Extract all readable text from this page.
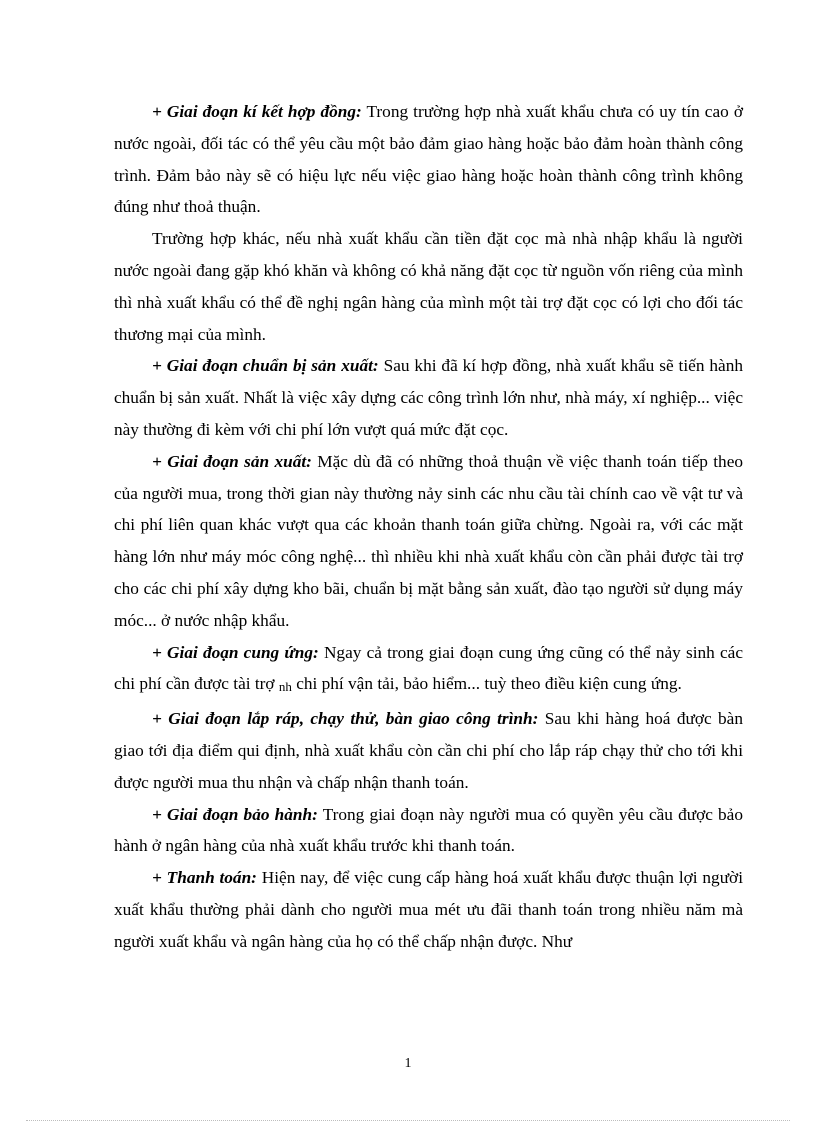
+ Giai đoạn kí kết hợp đồng: Trong trường hợp nhà xuất khẩu chưa có uy tín cao ở nước ngoài, đối tác có thể yêu cầu một bảo đảm giao hàng hoặc bảo đảm hoàn thành công trình. Đảm bảo này sẽ có hiệu lực nếu việc giao hàng hoặc hoàn thành công trình không đúng như thoả thuận.

Trường hợp khác, nếu nhà xuất khẩu cần tiền đặt cọc mà nhà nhập khẩu là người nước ngoài đang gặp khó khăn và không có khả năng đặt cọc từ nguồn vốn riêng của mình thì nhà xuất khẩu có thể đề nghị ngân hàng của mình một tài trợ đặt cọc có lợi cho đối tác thương mại của mình.

+ Giai đoạn chuẩn bị sản xuất: Sau khi đã kí hợp đồng, nhà xuất khẩu sẽ tiến hành chuẩn bị sản xuất. Nhất là việc xây dựng các công trình lớn như, nhà máy, xí nghiệp... việc này thường đi kèm với chi phí lớn vượt quá mức đặt cọc.

+ Giai đoạn sản xuất: Mặc dù đã có những thoả thuận về việc thanh toán tiếp theo của người mua, trong thời gian này thường nảy sinh các nhu cầu tài chính cao về vật tư và chi phí liên quan khác vượt qua các khoản thanh toán giữa chừng. Ngoài ra, với các mặt hàng lớn như máy móc công nghệ... thì nhiều khi nhà xuất khẩu còn cần phải được tài trợ cho các chi phí xây dựng kho bãi, chuẩn bị mặt bằng sản xuất, đào tạo người sử dụng máy móc... ở nước nhập khẩu.

+ Giai đoạn cung ứng: Ngay cả trong giai đoạn cung ứng cũng có thể nảy sinh các chi phí cần được tài trợ nh chi phí vận tải, bảo hiểm... tuỳ theo điều kiện cung ứng.

+ Giai đoạn lắp ráp, chạy thử, bàn giao công trình: Sau khi hàng hoá được bàn giao tới địa điểm qui định, nhà xuất khẩu còn cần chi phí cho lắp ráp chạy thử cho tới khi được người mua thu nhận và chấp nhận thanh toán.

+ Giai đoạn bảo hành: Trong giai đoạn này người mua có quyền yêu cầu được bảo hành ở ngân hàng của nhà xuất khẩu trước khi thanh toán.

+ Thanh toán: Hiện nay, để việc cung cấp hàng hoá xuất khẩu được thuận lợi người xuất khẩu thường phải dành cho người mua mét ưu đãi thanh toán trong nhiều năm mà người xuất khẩu và ngân hàng của họ có thể chấp nhận được. Như

1
